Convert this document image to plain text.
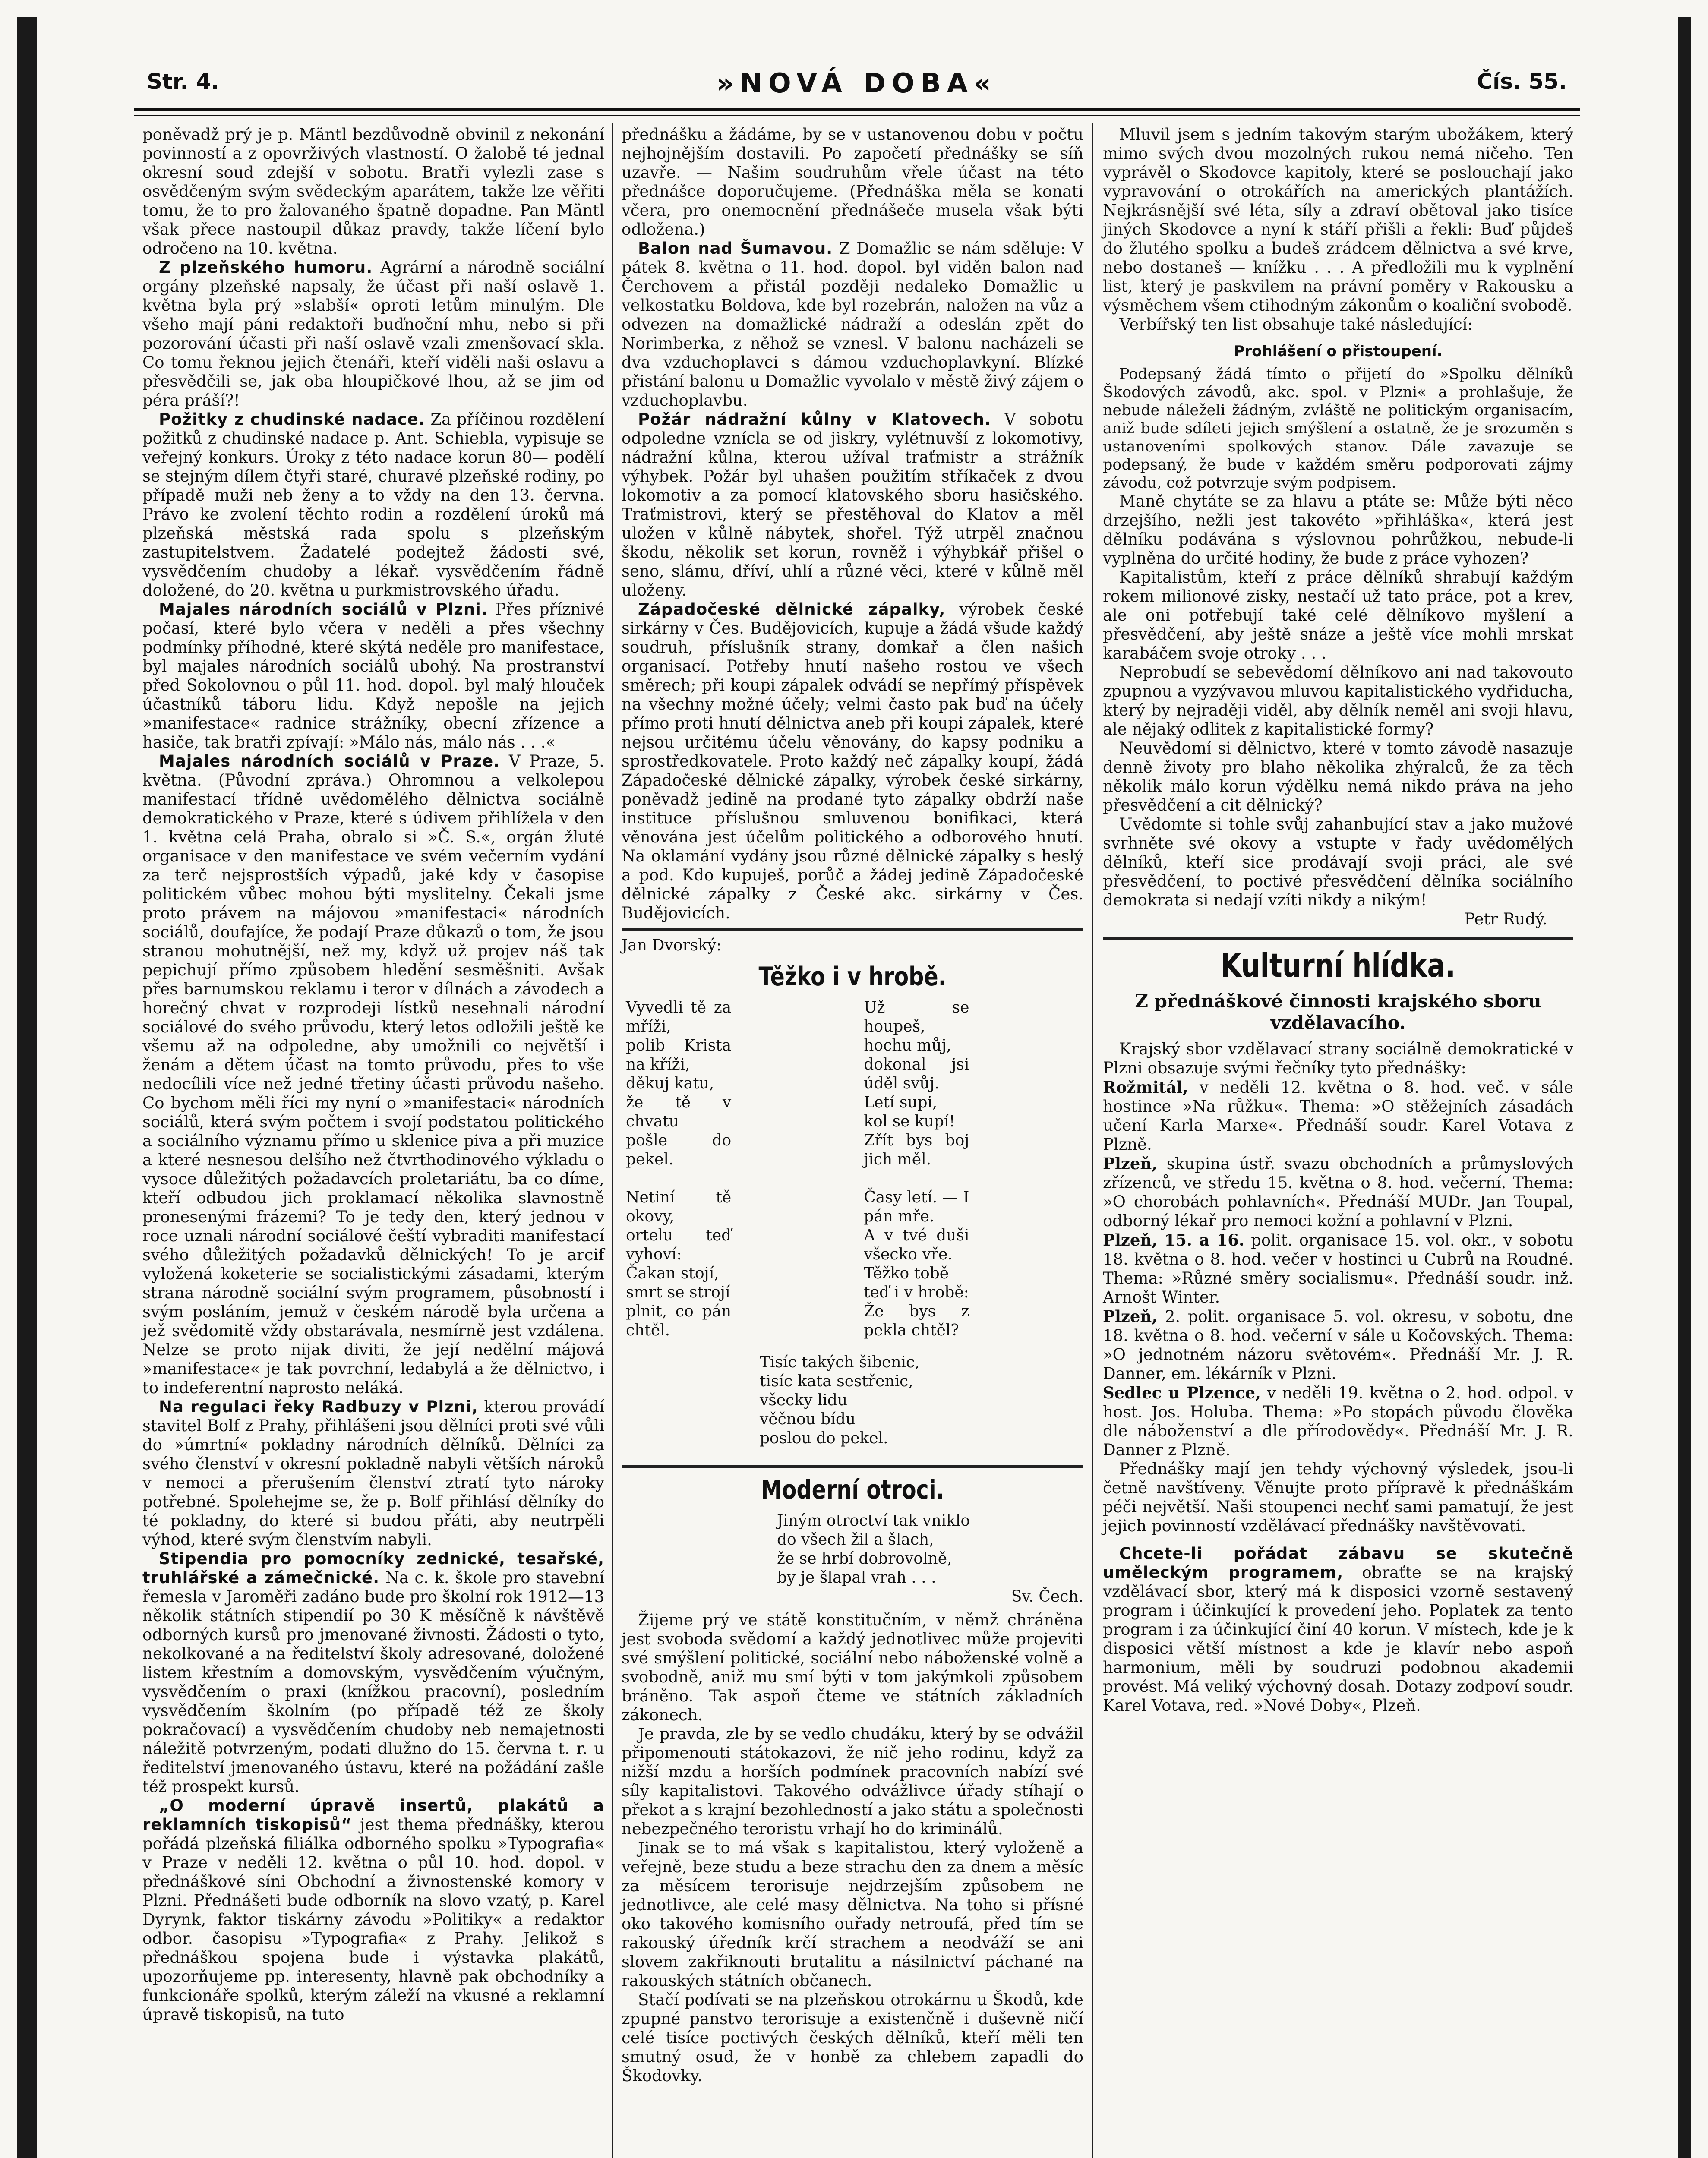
Str. 4.	»NOVÁ DOBA«	Čís. 55.

poněvadž prý je p. Mäntl bezdůvodně obvinil z nekonání povinností a z opovrživých vlastností. O žalobě té jednal okresní soud zdejší v sobotu. Bratři vylezli zase s osvědčeným svým svědeckým aparátem, takže lze věřiti tomu, že to pro žalovaného špatně dopadne. Pan Mäntl však přece nastoupil důkaz pravdy, takže líčení bylo odročeno na 10. května.

Z plzeňského humoru. Agrární a národně sociální orgány plzeňské napsaly, že účast při naší oslavě 1. května byla prý »slabší« oproti letům minulým. Dle všeho mají páni redaktoři buďnoční mhu, nebo si při pozorování účasti při naší oslavě vzali zmenšovací skla. Co tomu řeknou jejich čtenáři, kteří viděli naši oslavu a přesvědčili se, jak oba hloupičkové lhou, až se jim od péra práší?!

Požitky z chudinské nadace. Za příčinou rozdělení požitků z chudinské nadace p. Ant. Schiebla, vypisuje se veřejný konkurs. Úroky z této nadace korun 80— podělí se stejným dílem čtyři staré, churavé plzeňské rodiny, po případě muži neb ženy a to vždy na den 13. června. Právo ke zvolení těchto rodin a rozdělení úroků má plzeňská městská rada spolu s plzeňským zastupitelstvem. Žadatelé podejtež žádosti své, vysvědčením chudoby a lékař. vysvědčením řádně doložené, do 20. května u purkmistrovského úřadu.

Majales národních sociálů v Plzni. Přes příznivé počasí, které bylo včera v neděli a přes všechny podmínky příhodné, které skýtá neděle pro manifestace, byl majales národních sociálů ubohý. Na prostranství před Sokolovnou o půl 11. hod. dopol. byl malý hlouček účastníků táboru lidu. Když nepošle na jejich »manifestace« radnice strážníky, obecní zřízence a hasiče, tak bratři zpívají: »Málo nás, málo nás . . .«

Majales národních sociálů v Praze. V Praze, 5. května. (Původní zpráva.) Ohromnou a velkolepou manifestací třídně uvědomělého dělnictva sociálně demokratického v Praze, které s údivem přihlížela v den 1. května celá Praha, obralo si »Č. S.«, orgán žluté organisace v den manifestace ve svém večerním vydání za terč nejsprostších výpadů, jaké kdy v časopise politickém vůbec mohou býti myslitelny. Čekali jsme proto právem na májovou »manifestaci« národních sociálů, doufajíce, že podají Praze důkazů o tom, že jsou stranou mohutnější, než my, když už projev náš tak pepichují přímo způsobem hledění sesměšniti. Avšak přes barnumskou reklamu i teror v dílnách a závodech a horečný chvat v rozprodeji lístků nesehnali národní sociálové do svého průvodu, který letos odložili ještě ke všemu až na odpoledne, aby umožnili co největší i ženám a dětem účast na tomto průvodu, přes to vše nedocílili více než jedné třetiny účasti průvodu našeho. Co bychom měli říci my nyní o »manifestaci« národních sociálů, která svým počtem i svojí podstatou politického a sociálního významu přímo u sklenice piva a při muzice a které nesnesou delšího než čtvrthodinového výkladu o vysoce důležitých požadavcích proletariátu, ba co díme, kteří odbudou jich proklamací několika slavnostně pronesenými frázemi? To je tedy den, který jednou v roce uznali národní sociálové čeští vybraditi manifestací svého důležitých požadavků dělnických! To je arcif vyložená koketerie se socialistickými zásadami, kterým strana národně sociální svým programem, působností i svým posláním, jemuž v českém národě byla určena a jež svědomitě vždy obstarávala, nesmírně jest vzdálena. Nelze se proto nijak diviti, že její nedělní májová »manifestace« je tak povrchní, ledabylá a že dělnictvo, i to indeferentní naprosto neláká.

Na regulaci řeky Radbuzy v Plzni, kterou provádí stavitel Bolf z Prahy, přihlášeni jsou dělníci proti své vůli do »úmrtní« pokladny národních dělníků. Dělníci za svého členství v okresní pokladně nabyli větších nároků v nemoci a přerušením členství ztratí tyto nároky potřebné. Spolehejme se, že p. Bolf přihlásí dělníky do té pokladny, do které si budou přáti, aby neutrpěli výhod, které svým členstvím nabyli.

Stipendia pro pomocníky zednické, tesařské, truhlářské a zámečnické. Na c. k. škole pro stavební řemesla v Jaroměři zadáno bude pro školní rok 1912—13 několik státních stipendií po 30 K měsíčně k návštěvě odborných kursů pro jmenované živnosti. Žádosti o tyto, nekolkované a na ředitelství školy adresované, doložené listem křestním a domovským, vysvědčením výučným, vysvědčením o praxi (knížkou pracovní), posledním vysvědčením školním (po případě též ze školy pokračovací) a vysvědčením chudoby neb nemajetnosti náležitě potvrzeným, podati dlužno do 15. června t. r. u ředitelství jmenovaného ústavu, které na požádání zašle též prospekt kursů.

„O moderní úpravě insertů, plakátů a reklamních tiskopisů“ jest thema přednášky, kterou pořádá plzeňská filiálka odborného spolku »Typografia« v Praze v neděli 12. května o půl 10. hod. dopol. v přednáškové síni Obchodní a živnostenské komory v Plzni. Přednášeti bude odborník na slovo vzatý, p. Karel Dyrynk, faktor tiskárny závodu »Politiky« a redaktor odbor. časopisu »Typografia« z Prahy. Jelikož s přednáškou spojena bude i výstavka plakátů, upozorňujeme pp. interesenty, hlavně pak obchodníky a funkcionáře spolků, kterým záleží na vkusné a reklamní úpravě tiskopisů, na tuto

přednášku a žádáme, by se v ustanovenou dobu v počtu nejhojnějším dostavili. Po započetí přednášky se síň uzavře. — Našim soudruhům vřele účast na této přednášce doporučujeme. (Přednáška měla se konati včera, pro onemocnění přednášeče musela však býti odložena.)

Balon nad Šumavou. Z Domažlic se nám sděluje: V pátek 8. května o 11. hod. dopol. byl viděn balon nad Čerchovem a přistál později nedaleko Domažlic u velkostatku Boldova, kde byl rozebrán, naložen na vůz a odvezen na domažlické nádraží a odeslán zpět do Norimberka, z něhož se vznesl. V balonu nacházeli se dva vzduchoplavci s dámou vzduchoplavkyní. Blízké přistání balonu u Domažlic vyvolalo v městě živý zájem o vzduchoplavbu.

Požár nádražní kůlny v Klatovech. V sobotu odpoledne vznícla se od jiskry, vylétnuvší z lokomotivy, nádražní kůlna, kterou užíval traťmistr a strážník výhybek. Požár byl uhašen použitím stříkaček z dvou lokomotiv a za pomocí klatovského sboru hasičského. Traťmistrovi, který se přestěhoval do Klatov a měl uložen v kůlně nábytek, shořel. Týž utrpěl značnou škodu, několik set korun, rovněž i výhybkář přišel o seno, slámu, dříví, uhlí a různé věci, které v kůlně měl uloženy.

Západočeské dělnické zápalky, výrobek české sirkárny v Čes. Budějovicích, kupuje a žádá všude každý soudruh, příslušník strany, domkař a člen našich organisací. Potřeby hnutí našeho rostou ve všech směrech; při koupi zápalek odvádí se nepřímý příspěvek na všechny možné účely; velmi často pak buď na účely přímo proti hnutí dělnictva aneb při koupi zápalek, které nejsou určitému účelu věnovány, do kapsy podniku a sprostředkovatele. Proto každý neč zápalky koupí, žádá Západočeské dělnické zápalky, výrobek české sirkárny, poněvadž jedině na prodané tyto zápalky obdrží naše instituce příslušnou smluvenou bonifikaci, která věnována jest účelům politického a odborového hnutí. Na oklamání vydány jsou různé dělnické zápalky s heslý a pod. Kdo kupuješ, porůč a žádej jedině Západočeské dělnické zápalky z České akc. sirkárny v Čes. Budějovicích.

Jan Dvorský:
Těžko i v hrobě.
Vyvedli tě za mříži,
polib Krista na kříži,
děkuj katu,
že tě v chvatu
pošle do pekel.
Netiní tě okovy,
ortelu teď vyhoví:
Čakan stojí,
smrt se strojí
plnit, co pán chtěl.
Už se houpeš, hochu můj,
dokonal jsi úděl svůj.
Letí supi,
kol se kupí!
Zřít bys boj jich měl.
Časy letí. — I pán mře.
A v tvé duši všecko vře.
Těžko tobě
teď i v hrobě:
Že bys z pekla chtěl?
Tisíc takých šibenic,
tisíc kata sestřenic,
všecky lidu
věčnou bídu
poslou do pekel.
Moderní otroci.
Jiným otroctví tak vniklo
do všech žil a šlach,
že se hrbí dobrovolně,
by je šlapal vrah . . .
Sv. Čech.

Žijeme prý ve státě konstitučním, v němž chráněna jest svoboda svědomí a každý jednotlivec může projeviti své smýšlení politické, sociální nebo náboženské volně a svobodně, aniž mu smí býti v tom jakýmkoli způsobem bráněno. Tak aspoň čteme ve státních základních zákonech.

Je pravda, zle by se vedlo chudáku, který by se odvážil připomenouti státokazovi, že nič jeho rodinu, když za nižší mzdu a horších podmínek pracovních nabízí své síly kapitalistovi. Takového odvážlivce úřady stíhají o překot a s krajní bezohledností a jako státu a společnosti nebezpečného teroristu vrhají ho do kriminálů.

Jinak se to má však s kapitalistou, který vyloženě a veřejně, beze studu a beze strachu den za dnem a měsíc za měsícem terorisuje nejdrzejším způsobem ne jednotlivce, ale celé masy dělnictva. Na toho si přísné oko takového komisního ouřady netroufá, před tím se rakouský úředník krčí strachem a neodváží se ani slovem zakřiknouti brutalitu a násilnictví páchané na rakouských státních občanech.

Stačí podívati se na plzeňskou otrokárnu u Škodů, kde zpupné panstvo terorisuje a existenčně i duševně ničí celé tisíce poctivých českých dělníků, kteří měli ten smutný osud, že v honbě za chlebem zapadli do Škodovky.

Mluvil jsem s jedním takovým starým ubožákem, který mimo svých dvou mozolných rukou nemá ničeho. Ten vyprávěl o Skodovce kapitoly, které se poslouchají jako vypravování o otrokářích na amerických plantážích. Nejkrásnější své léta, síly a zdraví obětoval jako tisíce jiných Skodovce a nyní k stáří přišli a řekli: Buď půjdeš do žlutého spolku a budeš zrádcem dělnictva a své krve, nebo dostaneš — knížku . . . A předložili mu k vyplnění list, který je paskvilem na právní poměry v Rakousku a výsměchem všem ctihodným zákonům o koaliční svobodě.

Verbířský ten list obsahuje také následující:

Prohlášení o přistoupení.

Podepsaný žádá tímto o přijetí do »Spolku dělníků Škodových závodů, akc. spol. v Plzni« a prohlašuje, že nebude náleželi žádným, zvláště ne politickým organisacím, aniž bude sdíleti jejich smýšlení a ostatně, že je srozuměn s ustanoveními spolkových stanov. Dále zavazuje se podepsaný, že bude v každém směru podporovati zájmy závodu, což potvrzuje svým podpisem.

Maně chytáte se za hlavu a ptáte se: Může býti něco drzejšího, nežli jest takovéto »přihláška«, která jest dělníku podávána s výslovnou pohrůžkou, nebude-li vyplněna do určité hodiny, že bude z práce vyhozen?

Kapitalistům, kteří z práce dělníků shrabují každým rokem milionové zisky, nestačí už tato práce, pot a krev, ale oni potřebují také celé dělníkovo myšlení a přesvědčení, aby ještě snáze a ještě více mohli mrskat karabáčem svoje otroky . . .

Neprobudí se sebevědomí dělníkovo ani nad takovouto zpupnou a vyzývavou mluvou kapitalistického vydřiducha, který by nejraději viděl, aby dělník neměl ani svoji hlavu, ale nějaký odlitek z kapitalistické formy?

Neuvědomí si dělnictvo, které v tomto závodě nasazuje denně životy pro blaho několika zhýralců, že za těch několik málo korun výdělku nemá nikdo práva na jeho přesvědčení a cit dělnický?

Uvědomte si tohle svůj zahanbující stav a jako mužové svrhněte své okovy a vstupte v řady uvědomělých dělníků, kteří sice prodávají svoji práci, ale své přesvědčení, to poctivé přesvědčení dělníka sociálního demokrata si nedají vzíti nikdy a nikým!

Petr Rudý.
Kulturní hlídka.
Z přednáškové činnosti krajského sboru vzdělavacího.

Krajský sbor vzdělavací strany sociálně demokratické v Plzni obsazuje svými řečníky tyto přednášky:

Rožmitál, v neděli 12. května o 8. hod. več. v sále hostince »Na růžku«. Thema: »O stěžejních zásadách učení Karla Marxe«. Přednáší soudr. Karel Votava z Plzně.

Plzeň, skupina ústř. svazu obchodních a průmyslových zřízenců, ve středu 15. května o 8. hod. večerní. Thema: »O chorobách pohlavních«. Přednáší MUDr. Jan Toupal, odborný lékař pro nemoci kožní a pohlavní v Plzni.

Plzeň, 15. a 16. polit. organisace 15. vol. okr., v sobotu 18. května o 8. hod. večer v hostinci u Cubrů na Roudné. Thema: »Různé směry socialismu«. Přednáší soudr. inž. Arnošt Winter.

Plzeň, 2. polit. organisace 5. vol. okresu, v sobotu, dne 18. května o 8. hod. večerní v sále u Kočovských. Thema: »O jednotném názoru světovém«. Přednáší Mr. J. R. Danner, em. lékárník v Plzni.

Sedlec u Plzence, v neděli 19. května o 2. hod. odpol. v host. Jos. Holuba. Thema: »Po stopách původu člověka dle náboženství a dle přírodovědy«. Přednáší Mr. J. R. Danner z Plzně.

Přednášky mají jen tehdy výchovný výsledek, jsou-li četně navštíveny. Věnujte proto přípravě k přednáškám péči největší. Naši stoupenci nechť sami pamatují, že jest jejich povinností vzdělávací přednášky navštěvovati.

Chcete-li pořádat zábavu se skutečně uměleckým programem, obraťte se na krajský vzdělávací sbor, který má k disposici vzorně sestavený program i účinkující k provedení jeho. Poplatek za tento program i za účinkující činí 40 korun. V místech, kde je k disposici větší místnost a kde je klavír nebo aspoň harmonium, měli by soudruzi podobnou akademii provést. Má veliký výchovný dosah. Dotazy zodpoví soudr. Karel Votava, red. »Nové Doby«, Plzeň.
